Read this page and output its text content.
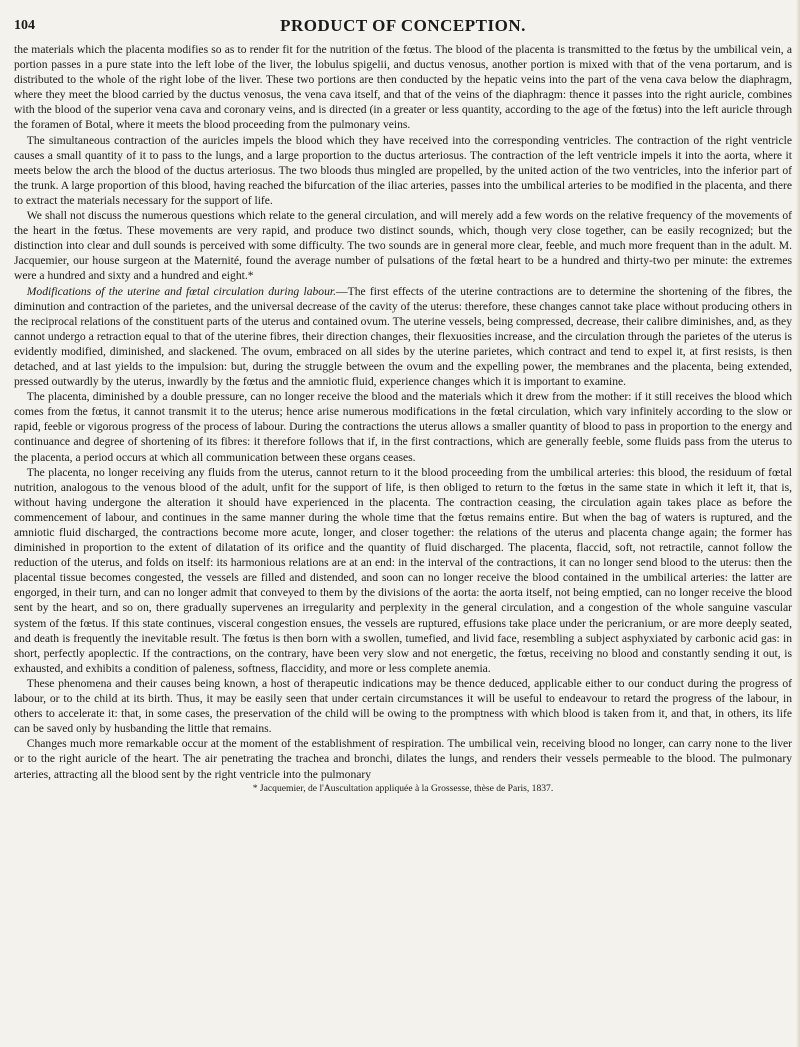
104	PRODUCT OF CONCEPTION.

the materials which the placenta modifies so as to render fit for the nutrition of the fœtus. The blood of the placenta is transmitted to the fœtus by the umbilical vein, a portion passes in a pure state into the left lobe of the liver, the lobulus spigelii, and ductus venosus, another portion is mixed with that of the vena portarum, and is distributed to the whole of the right lobe of the liver. These two portions are then conducted by the hepatic veins into the part of the vena cava below the diaphragm, where they meet the blood carried by the ductus venosus, the vena cava itself, and that of the veins of the diaphragm: thence it passes into the right auricle, combines with the blood of the superior vena cava and coronary veins, and is directed (in a greater or less quantity, according to the age of the fœtus) into the left auricle through the foramen of Botal, where it meets the blood proceeding from the pulmonary veins.

The simultaneous contraction of the auricles impels the blood which they have received into the corresponding ventricles. The contraction of the right ventricle causes a small quantity of it to pass to the lungs, and a large proportion to the ductus arteriosus. The contraction of the left ventricle impels it into the aorta, where it meets below the arch the blood of the ductus arteriosus. The two bloods thus mingled are propelled, by the united action of the two ventricles, into the inferior part of the trunk. A large proportion of this blood, having reached the bifurcation of the iliac arteries, passes into the umbilical arteries to be modified in the placenta, and there to extract the materials necessary for the support of life.

We shall not discuss the numerous questions which relate to the general circulation, and will merely add a few words on the relative frequency of the movements of the heart in the fœtus. These movements are very rapid, and produce two distinct sounds, which, though very close together, can be easily recognized; but the distinction into clear and dull sounds is perceived with some difficulty. The two sounds are in general more clear, feeble, and much more frequent than in the adult. M. Jacquemier, our house surgeon at the Maternité, found the average number of pulsations of the fœtal heart to be a hundred and thirty-two per minute: the extremes were a hundred and sixty and a hundred and eight.*

Modifications of the uterine and fœtal circulation during labour.—The first effects of the uterine contractions are to determine the shortening of the fibres, the diminution and contraction of the parietes, and the universal decrease of the cavity of the uterus: therefore, these changes cannot take place without producing others in the reciprocal relations of the constituent parts of the uterus and contained ovum. The uterine vessels, being compressed, decrease, their calibre diminishes, and, as they cannot undergo a retraction equal to that of the uterine fibres, their direction changes, their flexuosities increase, and the circulation through the parietes of the uterus is evidently modified, diminished, and slackened. The ovum, embraced on all sides by the uterine parietes, which contract and tend to expel it, at first resists, is then detached, and at last yields to the impulsion: but, during the struggle between the ovum and the expelling power, the membranes and the placenta, being extended, pressed outwardly by the uterus, inwardly by the fœtus and the amniotic fluid, experience changes which it is important to examine.

The placenta, diminished by a double pressure, can no longer receive the blood and the materials which it drew from the mother: if it still receives the blood which comes from the fœtus, it cannot transmit it to the uterus; hence arise numerous modifications in the fœtal circulation, which vary infinitely according to the slow or rapid, feeble or vigorous progress of the process of labour. During the contractions the uterus allows a smaller quantity of blood to pass in proportion to the energy and continuance and degree of shortening of its fibres: it therefore follows that if, in the first contractions, which are generally feeble, some fluids pass from the uterus to the placenta, a period occurs at which all communication between these organs ceases.

The placenta, no longer receiving any fluids from the uterus, cannot return to it the blood proceeding from the umbilical arteries: this blood, the residuum of fœtal nutrition, analogous to the venous blood of the adult, unfit for the support of life, is then obliged to return to the fœtus in the same state in which it left it, that is, without having undergone the alteration it should have experienced in the placenta. The contraction ceasing, the circulation again takes place as before the commencement of labour, and continues in the same manner during the whole time that the fœtus remains entire. But when the bag of waters is ruptured, and the amniotic fluid discharged, the contractions become more acute, longer, and closer together: the relations of the uterus and placenta change again; the former has diminished in proportion to the extent of dilatation of its orifice and the quantity of fluid discharged. The placenta, flaccid, soft, not retractile, cannot follow the reduction of the uterus, and folds on itself: its harmonious relations are at an end: in the interval of the contractions, it can no longer send blood to the uterus: then the placental tissue becomes congested, the vessels are filled and distended, and soon can no longer receive the blood contained in the umbilical arteries: the latter are engorged, in their turn, and can no longer admit that conveyed to them by the divisions of the aorta: the aorta itself, not being emptied, can no longer receive the blood sent by the heart, and so on, there gradually supervenes an irregularity and perplexity in the general circulation, and a congestion of the whole sanguine vascular system of the fœtus. If this state continues, visceral congestion ensues, the vessels are ruptured, effusions take place under the pericranium, or are more deeply seated, and death is frequently the inevitable result. The fœtus is then born with a swollen, tumefied, and livid face, resembling a subject asphyxiated by carbonic acid gas: in short, perfectly apoplectic. If the contractions, on the contrary, have been very slow and not energetic, the fœtus, receiving no blood and constantly sending it out, is exhausted, and exhibits a condition of paleness, softness, flaccidity, and more or less complete anemia.

These phenomena and their causes being known, a host of therapeutic indications may be thence deduced, applicable either to our conduct during the progress of labour, or to the child at its birth. Thus, it may be easily seen that under certain circumstances it will be useful to endeavour to retard the progress of the labour, in others to accelerate it: that, in some cases, the preservation of the child will be owing to the promptness with which blood is taken from it, and that, in others, its life can be saved only by husbanding the little that remains.

Changes much more remarkable occur at the moment of the establishment of respiration. The umbilical vein, receiving blood no longer, can carry none to the liver or to the right auricle of the heart. The air penetrating the trachea and bronchi, dilates the lungs, and renders their vessels permeable to the blood. The pulmonary arteries, attracting all the blood sent by the right ventricle into the pulmonary

* Jacquemier, de l'Auscultation appliquée à la Grossesse, thèse de Paris, 1837.
